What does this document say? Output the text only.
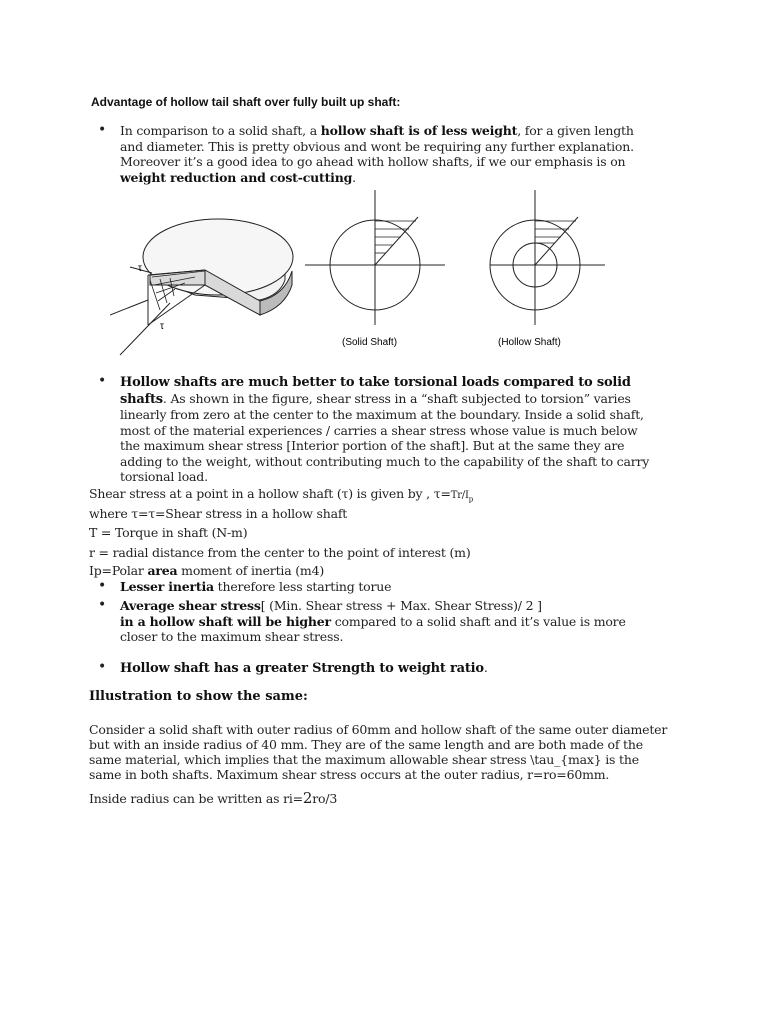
Advantage of hollow tail shaft over fully built up shaft:
• In comparison to a solid shaft, a hollow shaft is of less weight, for a given length and diameter. This is pretty obvious and wont be requiring any further explanation. Moreover it’s a good idea to go ahead with hollow shafts, if we our emphasis is on weight reduction and cost-cutting.
τ
τ
(Solid Shaft)	(Hollow Shaft)
• Hollow shafts are much better to take torsional loads compared to solid shafts. As shown in the figure, shear stress in a “shaft subjected to torsion” varies linearly from zero at the center to the maximum at the boundary. Inside a solid shaft, most of the material experiences / carries a shear stress whose value is much below the maximum shear stress [Interior portion of the shaft]. But at the same they are adding to the weight, without contributing much to the capability of the shaft to carry torsional load.
Shear stress at a point in a hollow shaft (τ) is given by , $\tau=Tr/I_p$
where τ=τ=Shear stress in a hollow shaft
T = Torque in shaft (N-m)
r = radial distance from the center to the point of interest (m)
Ip=Polar area moment of inertia (m4)
• Lesser inertia therefore less starting torue
• Average shear stress[ (Min. Shear stress + Max. Shear Stress)/ 2 ]
in a hollow shaft will be higher compared to a solid shaft and it’s value is more closer to the maximum shear stress.
• Hollow shaft has a greater Strength to weight ratio.
Illustration to show the same:
Consider a solid shaft with outer radius of 60mm and hollow shaft of the same outer diameter but with an inside radius of 40 mm. They are of the same length and are both made of the same material, which implies that the maximum allowable shear stress \tau_{max} is the same in both shafts. Maximum shear stress occurs at the outer radius, r=ro=60mm.
Inside radius can be written as ri=2ro/3
